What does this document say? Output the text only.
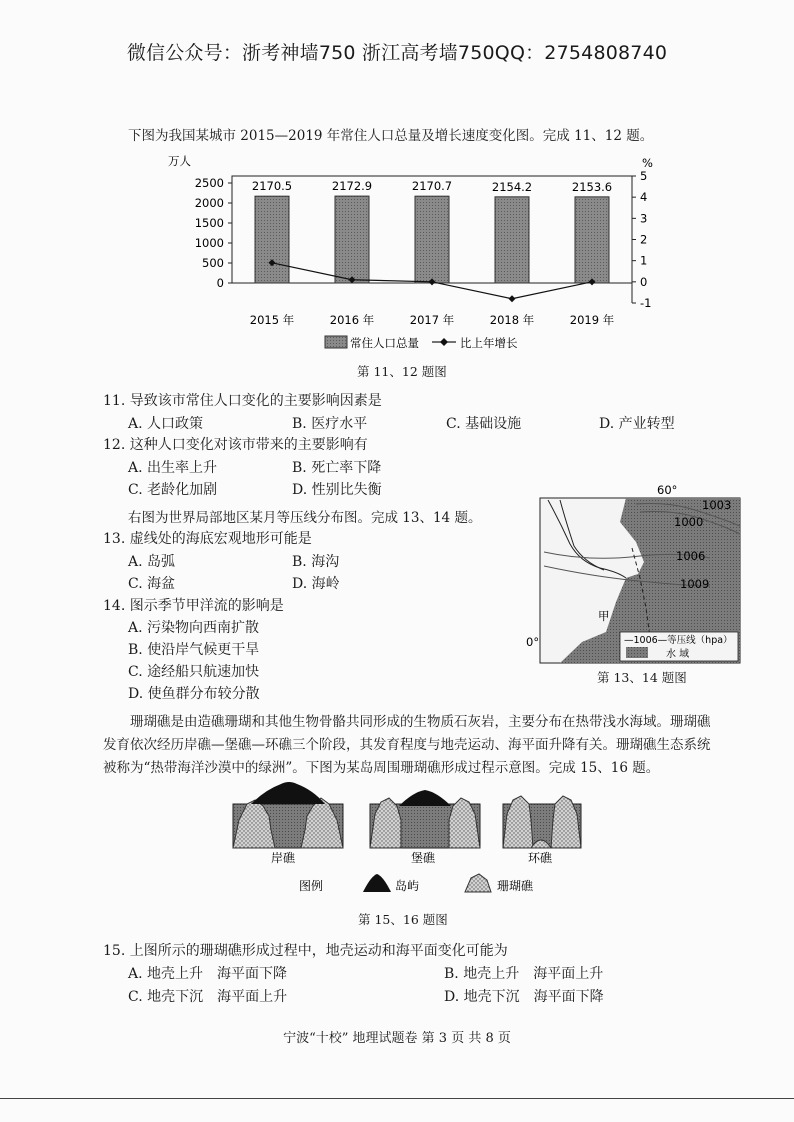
微信公众号：浙考神墙750 浙江高考墙750QQ：2754808740
下图为我国某城市 2015—2019 年常住人口总量及增长速度变化图。完成 11、12 题。
万人	%
2500
2000
1500
1000
500
0
5
4
3
2
1
0
-1
2170.5	2172.9	2170.7	2154.2	2153.6
2015 年	2016 年	2017 年	2018 年	2019 年
常住人口总量	比上年增长
第 11、12 题图
11. 导致该市常住人口变化的主要影响因素是
A. 人口政策	B. 医疗水平	C. 基础设施	D. 产业转型
12. 这种人口变化对该市带来的主要影响有
A. 出生率上升	B. 死亡率下降
C. 老龄化加剧	D. 性别比失衡
右图为世界局部地区某月等压线分布图。完成 13、14 题。
13. 虚线处的海底宏观地形可能是
A. 岛弧	B. 海沟
C. 海盆	D. 海岭
14. 图示季节甲洋流的影响是
A. 污染物向西南扩散
B. 使沿岸气候更干旱
C. 途经船只航速加快
D. 使鱼群分布较分散
60°
0°
1003
1000
1006
1009
甲
—1006—等压线（hpa）
水 域
第 13、14 题图
珊瑚礁是由造礁珊瑚和其他生物骨骼共同形成的生物质石灰岩，主要分布在热带浅水海域。珊瑚礁发育依次经历岸礁—堡礁—环礁三个阶段，其发育程度与地壳运动、海平面升降有关。珊瑚礁生态系统被称为“热带海洋沙漠中的绿洲”。下图为某岛周围珊瑚礁形成过程示意图。完成 15、16 题。
岸礁	堡礁	环礁
图例	岛屿	珊瑚礁
第 15、16 题图
15. 上图所示的珊瑚礁形成过程中，地壳运动和海平面变化可能为
A. 地壳上升　海平面下降	B. 地壳上升　海平面上升
C. 地壳下沉　海平面上升	D. 地壳下沉　海平面下降
宁波“十校” 地理试题卷 第 3 页 共 8 页
